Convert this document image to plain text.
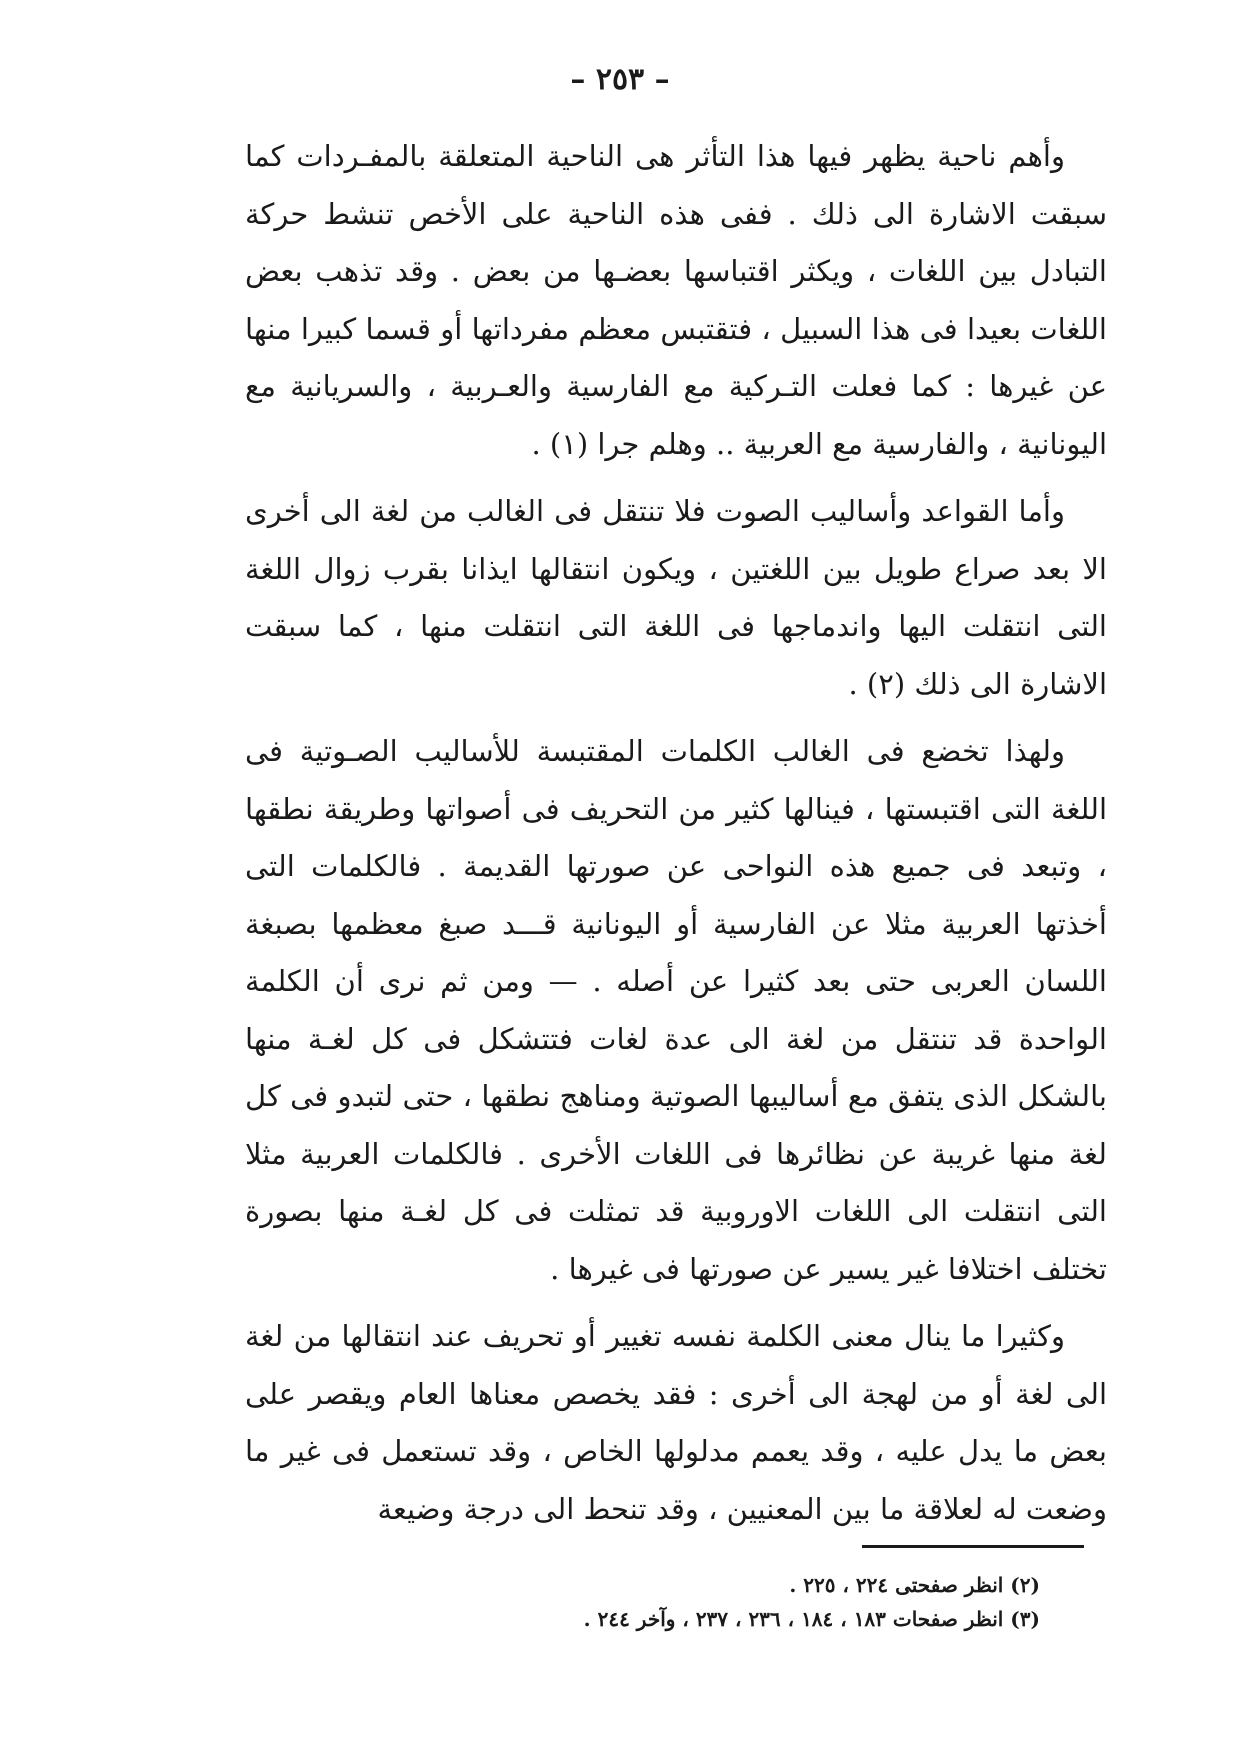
– ٢٥٣ –

وأهم ناحية يظهر فيها هذا التأثر هى الناحية المتعلقة بالمفـردات كما سبقت الاشارة الى ذلك . ففى هذه الناحية على الأخص تنشط حركة التبادل بين اللغات ، ويكثر اقتباسها بعضـها من بعض . وقد تذهب بعض اللغات بعيدا فى هذا السبيل ، فتقتبس معظم مفرداتها أو قسما كبيرا منها عن غيرها : كما فعلت التـركية مع الفارسية والعـربية ، والسريانية مع اليونانية ، والفارسية مع العربية .. وهلم جرا (١) .

وأما القواعد وأساليب الصوت فلا تنتقل فى الغالب من لغة الى أخرى الا بعد صراع طويل بين اللغتين ، ويكون انتقالها ايذانا بقرب زوال اللغة التى انتقلت اليها واندماجها فى اللغة التى انتقلت منها ، كما سبقت الاشارة الى ذلك (٢) .

ولهذا تخضع فى الغالب الكلمات المقتبسة للأساليب الصـوتية فى اللغة التى اقتبستها ، فينالها كثير من التحريف فى أصواتها وطريقة نطقها ، وتبعد فى جميع هذه النواحى عن صورتها القديمة . فالكلمات التى أخذتها العربية مثلا عن الفارسية أو اليونانية قـــد صبغ معظمها بصبغة اللسان العربى حتى بعد كثيرا عن أصله . — ومن ثم نرى أن الكلمة الواحدة قد تنتقل من لغة الى عدة لغات فتتشكل فى كل لغـة منها بالشكل الذى يتفق مع أساليبها الصوتية ومناهج نطقها ، حتى لتبدو فى كل لغة منها غريبة عن نظائرها فى اللغات الأخرى . فالكلمات العربية مثلا التى انتقلت الى اللغات الاوروبية قد تمثلت فى كل لغـة منها بصورة تختلف اختلافا غير يسير عن صورتها فى غيرها .

وكثيرا ما ينال معنى الكلمة نفسه تغيير أو تحريف عند انتقالها من لغة الى لغة أو من لهجة الى أخرى : فقد يخصص معناها العام ويقصر على بعض ما يدل عليه ، وقد يعمم مدلولها الخاص ، وقد تستعمل فى غير ما وضعت له لعلاقة ما بين المعنيين ، وقد تنحط الى درجة وضيعة

(٢) انظر صفحتى ٢٢٤ ، ٢٢٥ .

(٣) انظر صفحات ١٨٣ ، ١٨٤ ، ٢٣٦ ، ٢٣٧ ، وآخر ٢٤٤ .
